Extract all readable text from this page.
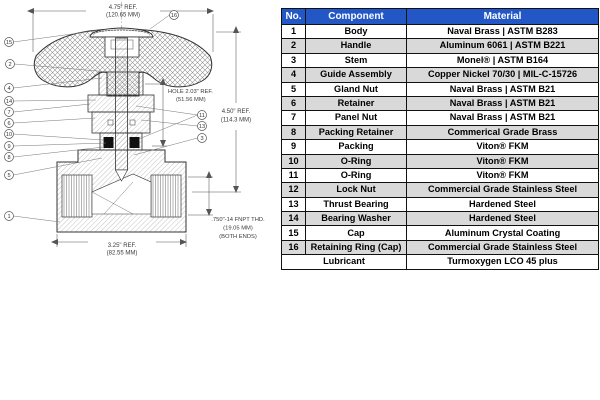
4.75" REF.
(120.65 MM)
HOLE 2.03" REF.
(51.56 MM)
4.50" REF.
(114.3 MM)
.750"-14 FNPT THD.
(19.05 MM)
(BOTH ENDS)
3.25" REF.
(82.55 MM)
15
2
4
14
7
6
10
9
8
5
1
16
11
13
3
No.	Component	Material
1	Body	Naval Brass | ASTM B283
2	Handle	Aluminum 6061 | ASTM B221
3	Stem	Monel® | ASTM B164
4	Guide Assembly	Copper Nickel 70/30 | MIL-C-15726
5	Gland Nut	Naval Brass | ASTM B21
6	Retainer	Naval Brass | ASTM B21
7	Panel Nut	Naval Brass | ASTM B21
8	Packing Retainer	Commerical Grade Brass
9	Packing	Viton® FKM
10	O-Ring	Viton® FKM
11	O-Ring	Viton® FKM
12	Lock Nut	Commercial Grade Stainless Steel
13	Thrust Bearing	Hardened Steel
14	Bearing Washer	Hardened Steel
15	Cap	Aluminum Crystal Coating
16	Retaining Ring (Cap)	Commercial Grade Stainless Steel
Lubricant		Turmoxygen LCO 45 plus
